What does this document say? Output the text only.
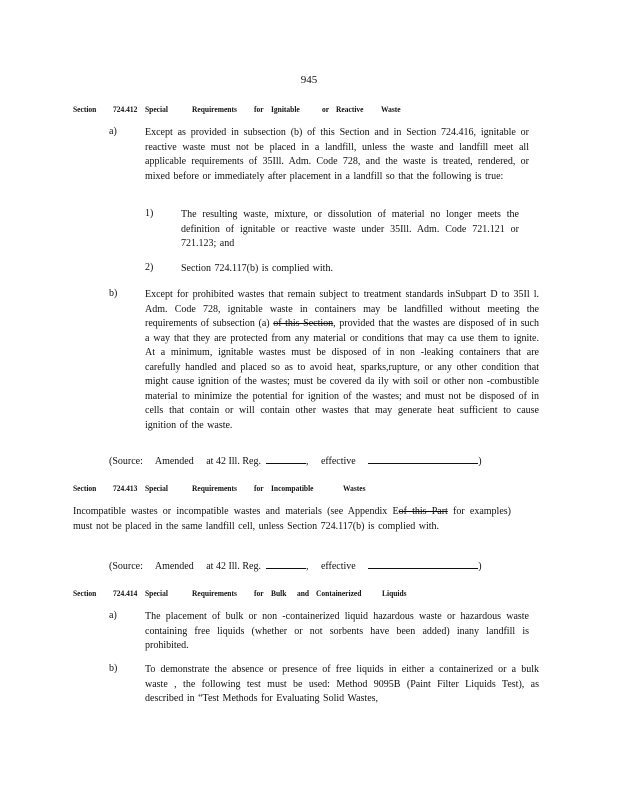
945
Section	724.412	Special	Requirements	for Ignitable	or Reactive	Waste
a)	Except as provided in subsection (b) of this Section and in Section 724.416, ignitable or reactive waste must not be placed in a landfill, unless the waste and landfill meet all applicable requirements of 35Ill. Adm. Code 728, and the waste is treated, rendered, or mixed before or immediately after placement in a landfill so that the following is true:
1)	The resulting waste, mixture, or dissolution of material no longer meets the definition of ignitable or reactive waste under 35Ill. Adm. Code 721.121 or 721.123; and
2)	Section 724.117(b) is complied with.
b)	Except for prohibited wastes that remain subject to treatment standards inSubpart D to 35Il l. Adm. Code 728, ignitable waste in containers may be landfilled without meeting the requirements of subsection (a) of this Section, provided that the wastes are disposed of in such a way that they are protected from any material or conditions that may ca use them to ignite. At a minimum, ignitable wastes must be disposed of in non -leaking containers that are carefully handled and placed so as to avoid heat, sparks,rupture, or any other condition that might cause ignition of the wastes; must be covered da ily with soil or other non -combustible material to minimize the potential for ignition of the wastes; and must not be disposed of in cells that contain or will contain other wastes that may generate heat sufficient to cause ignition of the waste.
(Source: Amended at 42 Ill. Reg.	, effective	)
Section	724.413	Special	Requirements	for Incompatible	Wastes
Incompatible wastes or incompatible wastes and materials (see Appendix Eof this Part for examples) must not be placed in the same landfill cell, unless Section 724.117(b) is complied with.
(Source: Amended at 42 Ill. Reg.	, effective	)
Section	724.414	Special	Requirements	for Bulk	and Containerized	Liquids
a)	The placement of bulk or non -containerized liquid hazardous waste or hazardous waste containing free liquids (whether or not sorbents have been added) inany landfill is prohibited.
b)	To demonstrate the absence or presence of free liquids in either a containerized or a bulk waste , the following test must be used: Method 9095B (Paint Filter Liquids Test), as described in “Test Methods for Evaluating Solid Wastes,
